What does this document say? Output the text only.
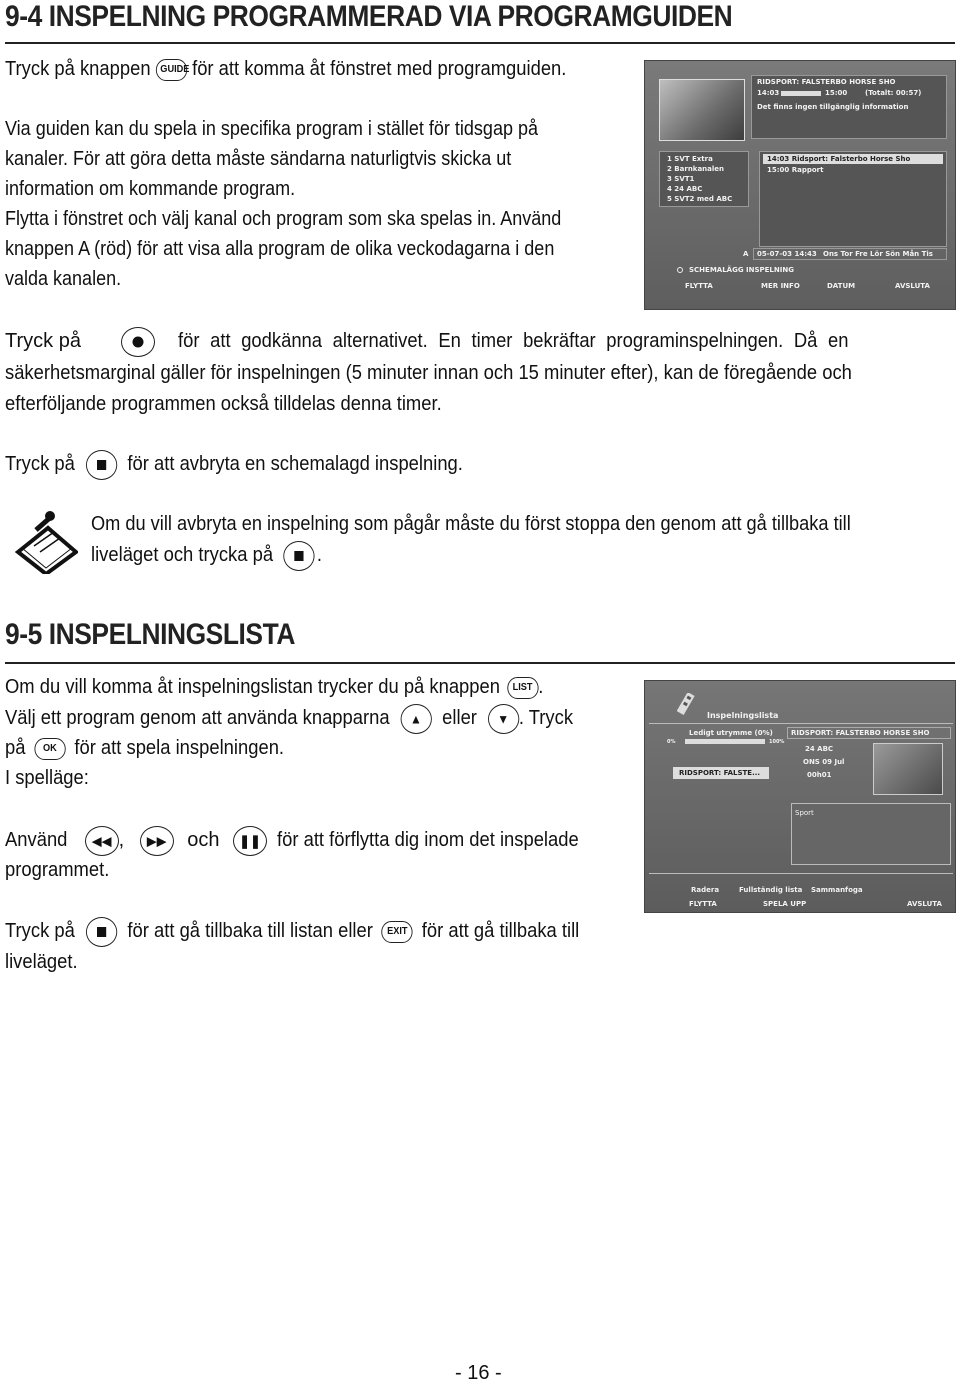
9-4 INSPELNING PROGRAMMERAD VIA PROGRAMGUIDEN
Tryck på knappen GUIDE för att komma åt fönstret med programguiden.
Via guiden kan du spela in specifika program i stället för tidsgap på
kanaler. För att göra detta måste sändarna naturligtvis skicka ut
information om kommande program.
Flytta i fönstret och välj kanal och program som ska spelas in. Använd
knappen A (röd) för att visa alla program de olika veckodagarna i den
valda kanalen.
RIDSPORT: FALSTERBO HORSE SHO
14:03	15:00	(Totalt: 00:57)
Det finns ingen tillgänglig information
1 SVT Extra
2 Barnkanalen
3 SVT1
4 24 ABC
5 SVT2 med ABC
14:03 Ridsport: Falsterbo Horse Sho
15:00 Rapport
A 05-07-03 14:43 Ons Tor Fre Lör Sön Mån Tis
SCHEMALÄGG INSPELNING
FLYTTA	MER INFO	DATUM	AVSLUTA
Tryck på	för att godkänna alternativet. En timer bekräftar programinspelningen. Då en
säkerhetsmarginal gäller för inspelningen (5 minuter innan och 15 minuter efter), kan de föregående och
efterföljande programmen också tilldelas denna timer.
Tryck på	för att avbryta en schemalagd inspelning.
Om du vill avbryta en inspelning som pågår måste du först stoppa den genom att gå tillbaka till
liveläget och trycka på .
9-5 INSPELNINGSLISTA
Om du vill komma åt inspelningslistan trycker du på knappen LIST .
Välj ett program genom att använda knapparna	▲	eller	▼ . Tryck
på OK för att spela inspelningen.
I spelläge:
Använd	◀◀ ,	▶▶	och	❚❚ för att förflytta dig inom det inspelade
programmet.
Tryck på	för att gå tillbaka till listan eller EXIT för att gå tillbaka till
liveläget.
Inspelningslista
Ledigt utrymme (0%)
0%	100%
RIDSPORT: FALSTERBO HORSE SHO
24 ABC
ONS 09 Jul
00h01
RIDSPORT: FALSTE...
Sport
Radera	Fullständig lista Sammanfoga
FLYTTA	SPELA UPP	AVSLUTA
- 16 -
